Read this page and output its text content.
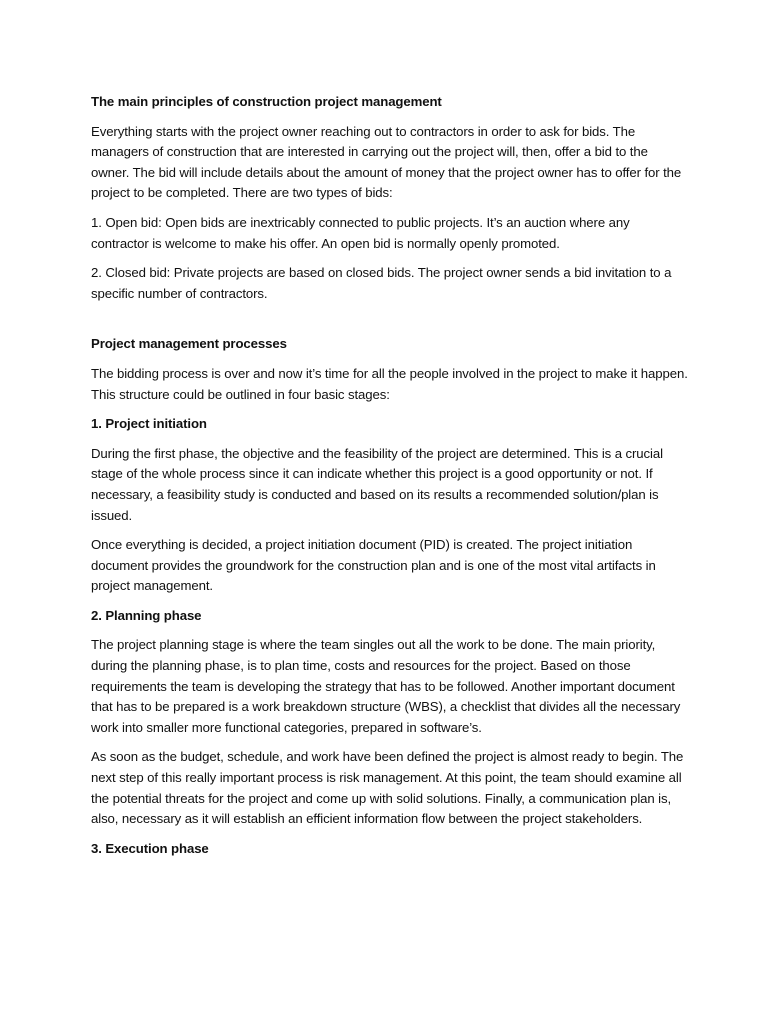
The main principles of construction project management
Everything starts with the project owner reaching out to contractors in order to ask for bids. The managers of construction that are interested in carrying out the project will, then, offer a bid to the owner. The bid will include details about the amount of money that the project owner has to offer for the project to be completed. There are two types of bids:
1. Open bid: Open bids are inextricably connected to public projects. It’s an auction where any contractor is welcome to make his offer. An open bid is normally openly promoted.
2. Closed bid: Private projects are based on closed bids. The project owner sends a bid invitation to a specific number of contractors.
Project management processes
The bidding process is over and now it’s time for all the people involved in the project to make it happen. This structure could be outlined in four basic stages:
1. Project initiation
During the first phase, the objective and the feasibility of the project are determined. This is a crucial stage of the whole process since it can indicate whether this project is a good opportunity or not. If necessary, a feasibility study is conducted and based on its results a recommended solution/plan is issued.
Once everything is decided, a project initiation document (PID) is created. The project initiation document provides the groundwork for the construction plan and is one of the most vital artifacts in project management.
2. Planning phase
The project planning stage is where the team singles out all the work to be done. The main priority, during the planning phase, is to plan time, costs and resources for the project. Based on those requirements the team is developing the strategy that has to be followed. Another important document that has to be prepared is a work breakdown structure (WBS), a checklist that divides all the necessary work into smaller more functional categories, prepared in software’s.
As soon as the budget, schedule, and work have been defined the project is almost ready to begin. The next step of this really important process is risk management. At this point, the team should examine all the potential threats for the project and come up with solid solutions. Finally, a communication plan is, also, necessary as it will establish an efficient information flow between the project stakeholders.
3. Execution phase
